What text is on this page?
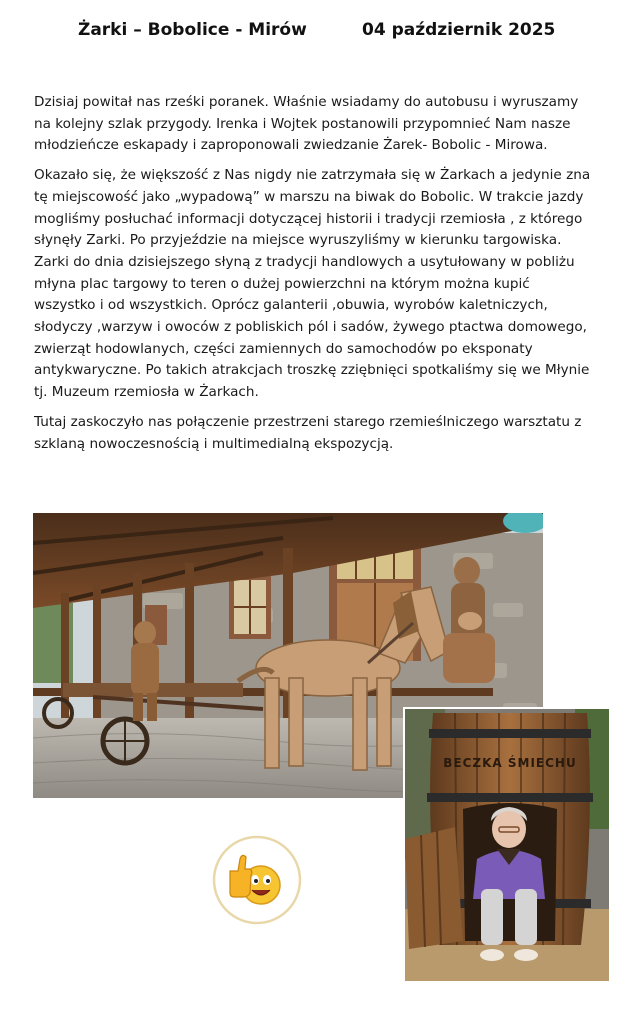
Żarki – Bobolice - Mirów	04 październik 2025

Dzisiaj powitał nas rześki poranek. Właśnie wsiadamy do autobusu i wyruszamy na kolejny szlak przygody. Irenka i Wojtek postanowili przypomnieć Nam nasze młodzieńcze eskapady i zaproponowali zwiedzanie Żarek- Bobolic - Mirowa.

Okazało się, że większość z Nas nigdy nie zatrzymała się w Żarkach a jedynie zna tę miejscowość jako „wypadową” w marszu na biwak do Bobolic. W trakcie jazdy mogliśmy posłuchać informacji dotyczącej historii i tradycji rzemiosła , z którego słynęły Zarki. Po przyjeździe na miejsce wyruszyliśmy w kierunku targowiska. Zarki do dnia dzisiejszego słyną z tradycji handlowych a usytułowany w pobliżu młyna plac targowy to teren o dużej powierzchni na którym można kupić wszystko i od wszystkich. Oprócz galanterii ,obuwia, wyrobów kaletniczych, słodyczy ,warzyw i owoców z pobliskich pól i sadów, żywego ptactwa domowego, zwierząt hodowlanych, części zamiennych do samochodów po eksponaty antykwaryczne. Po takich atrakcjach troszkę zziębnięci spotkaliśmy się we Młynie tj. Muzeum rzemiosła w Żarkach.

Tutaj zaskoczyło nas połączenie przestrzeni starego rzemieślniczego warsztatu z szklaną nowoczesnością i multimedialną ekspozycją.

BECZKA ŚMIECHU
